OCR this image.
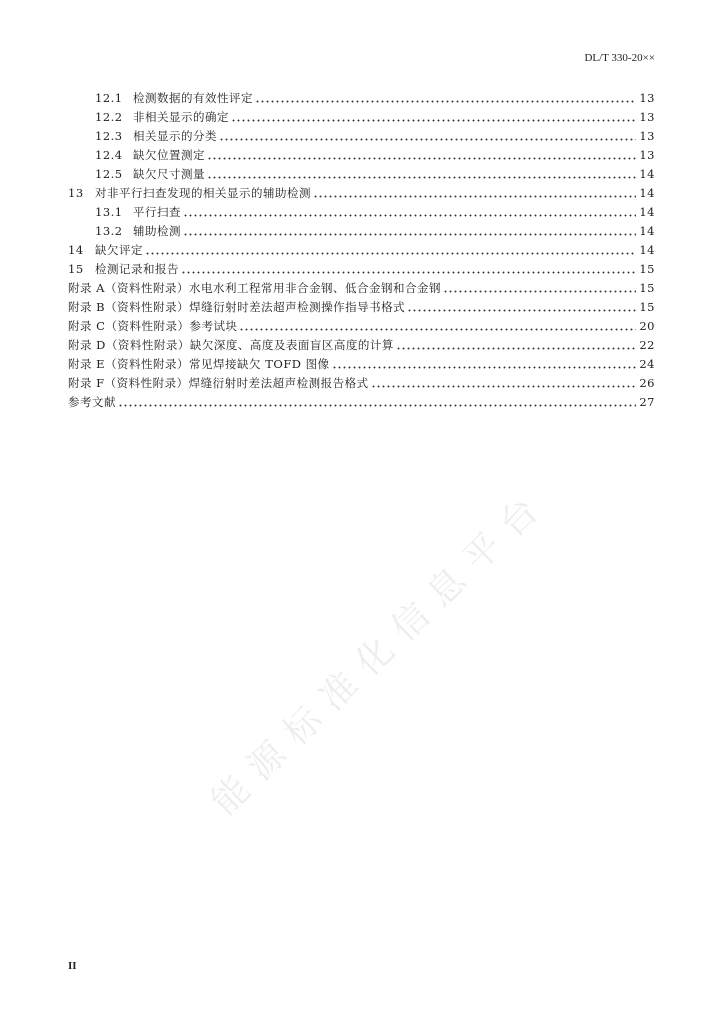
DL/T 330-20××
12.1 检测数据的有效性评定	13
12.2 非相关显示的确定	13
12.3 相关显示的分类	13
12.4 缺欠位置测定	13
12.5 缺欠尺寸测量	14
13 对非平行扫查发现的相关显示的辅助检测	14
13.1 平行扫查	14
13.2 辅助检测	14
14 缺欠评定	14
15 检测记录和报告	15
附录 A （资料性附录）水电水利工程常用非合金钢、低合金钢和合金钢	15
附录 B （资料性附录）焊缝衍射时差法超声检测操作指导书格式	15
附录 C （资料性附录）参考试块	20
附录 D （资料性附录）缺欠深度、高度及表面盲区高度的计算	22
附录 E （资料性附录）常见焊接缺欠 TOFD 图像	24
附录 F （资料性附录）焊缝衍射时差法超声检测报告格式	26
参考文献	27
能源标准化信息平台
II
